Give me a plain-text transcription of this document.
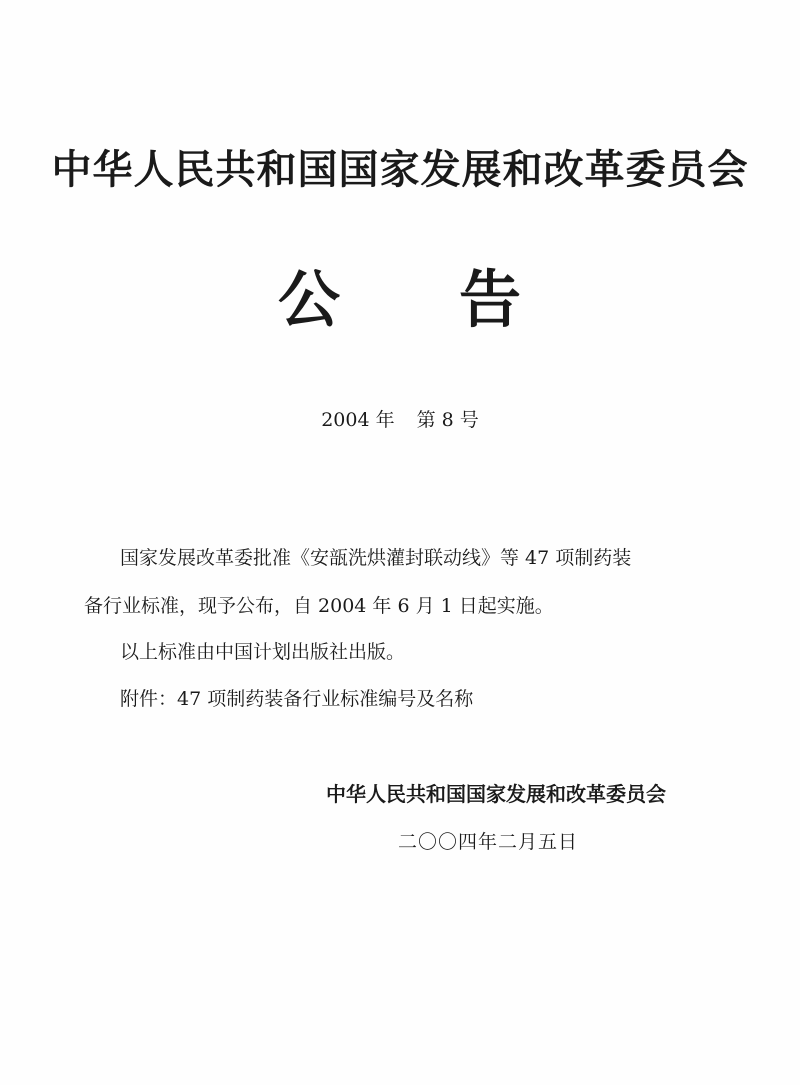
中华人民共和国国家发展和改革委员会
公 告
2004 年 第 8 号
国家发展改革委批准《安瓿洗烘灌封联动线》等 47 项制药装
备行业标准，现予公布，自 2004 年 6 月 1 日起实施。
以上标准由中国计划出版社出版。
附件：47 项制药装备行业标准编号及名称
中华人民共和国国家发展和改革委员会
二〇〇四年二月五日
